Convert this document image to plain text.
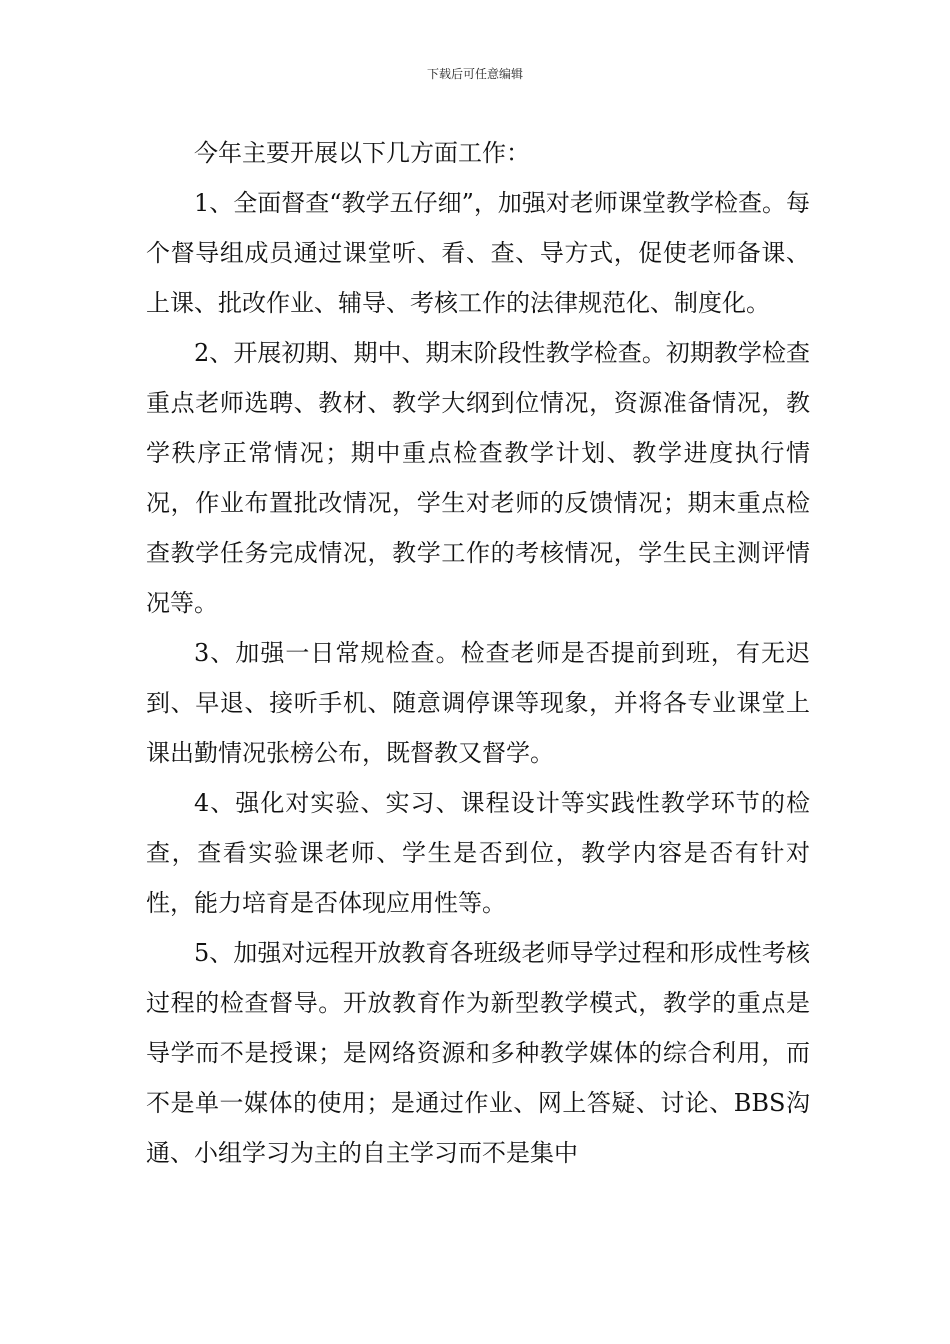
下载后可任意编辑

今年主要开展以下几方面工作：

1、全面督查“教学五仔细”，加强对老师课堂教学检查。每个督导组成员通过课堂听、看、查、导方式，促使老师备课、上课、批改作业、辅导、考核工作的法律规范化、制度化。

2、开展初期、期中、期末阶段性教学检查。初期教学检查重点老师选聘、教材、教学大纲到位情况，资源准备情况，教学秩序正常情况；期中重点检查教学计划、教学进度执行情况，作业布置批改情况，学生对老师的反馈情况；期末重点检查教学任务完成情况，教学工作的考核情况，学生民主测评情况等。

3、加强一日常规检查。检查老师是否提前到班，有无迟到、早退、接听手机、随意调停课等现象，并将各专业课堂上课出勤情况张榜公布，既督教又督学。

4、强化对实验、实习、课程设计等实践性教学环节的检查，查看实验课老师、学生是否到位，教学内容是否有针对性，能力培育是否体现应用性等。

5、加强对远程开放教育各班级老师导学过程和形成性考核过程的检查督导。开放教育作为新型教学模式，教学的重点是导学而不是授课；是网络资源和多种教学媒体的综合利用，而不是单一媒体的使用；是通过作业、网上答疑、讨论、BBS沟通、小组学习为主的自主学习而不是集中
